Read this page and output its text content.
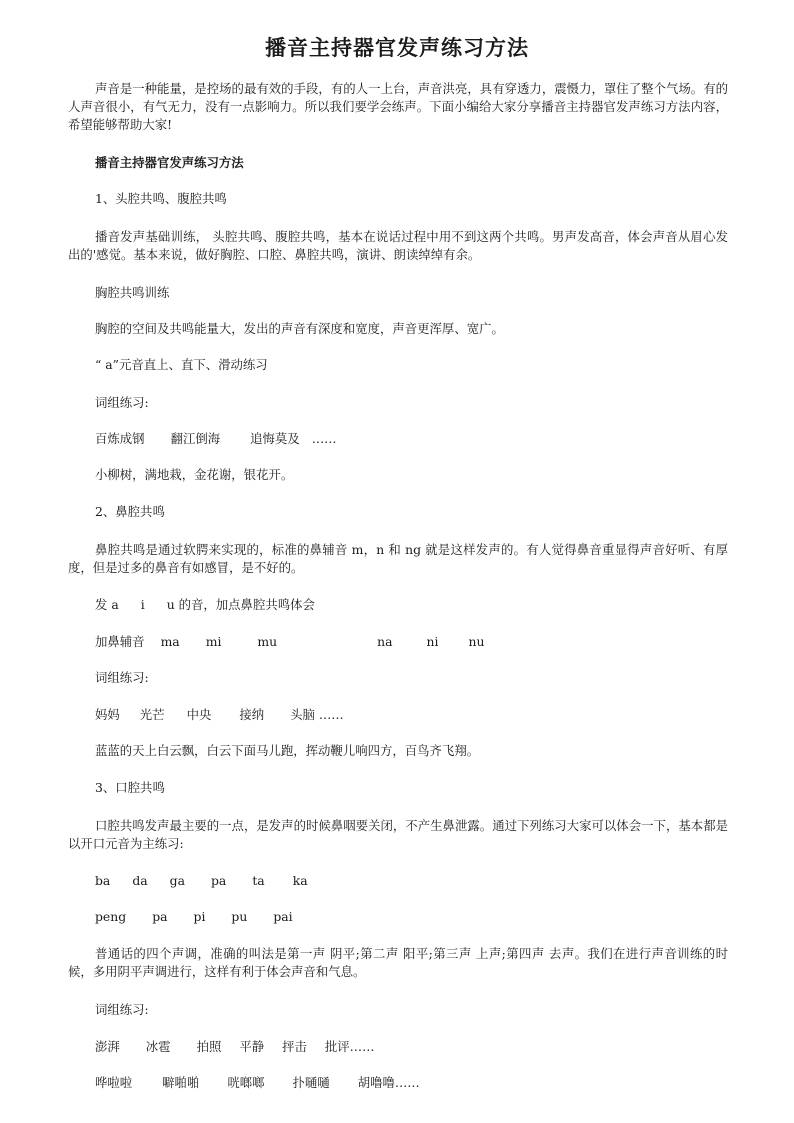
播音主持器官发声练习方法

声音是一种能量，是控场的最有效的手段，有的人一上台，声音洪亮，具有穿透力，震慑力，罩住了整个气场。有的人声音很小，有气无力，没有一点影响力。所以我们要学会练声。下面小编给大家分享播音主持器官发声练习方法内容，希望能够帮助大家!

播音主持器官发声练习方法

1、头腔共鸣、腹腔共鸣

播音发声基础训练， 头腔共鸣、腹腔共鸣，基本在说话过程中用不到这两个共鸣。男声发高音，体会声音从眉心发出的'感觉。基本来说，做好胸腔、口腔、鼻腔共鸣，演讲、朗读绰绰有余。

胸腔共鸣训练

胸腔的空间及共鸣能量大，发出的声音有深度和宽度，声音更浑厚、宽广。

“ a”元音直上、直下、滑动练习

词组练习:

百炼成钢 翻江倒海 追悔莫及 ……

小柳树，满地栽，金花谢，银花开。

2、鼻腔共鸣

鼻腔共鸣是通过软腭来实现的，标准的鼻辅音 m，n 和 ng 就是这样发声的。有人觉得鼻音重显得声音好听、有厚度，但是过多的鼻音有如感冒，是不好的。

发 a i u 的音，加点鼻腔共鸣体会

加鼻辅音 ma mi	mu	na	ni nu

词组练习:

妈妈 光芒 中央 接纳 头脑 ……

蓝蓝的天上白云飘，白云下面马儿跑，挥动鞭儿响四方，百鸟齐飞翔。

3、口腔共鸣

口腔共鸣发声最主要的一点，是发声的时候鼻咽要关闭，不产生鼻泄露。通过下列练习大家可以体会一下，基本都是以开口元音为主练习:

ba da ga pa ta ka

peng pa pi pu pai

普通话的四个声调，准确的叫法是第一声 阴平;第二声 阳平;第三声 上声;第四声 去声。我们在进行声音训练的时候，多用阴平声调进行，这样有利于体会声音和气息。

词组练习:

澎湃 冰雹 拍照 平静 抨击 批评……

哗啦啦 噼啪啪 咣啷啷 扑嗵嗵 胡噜噜……
